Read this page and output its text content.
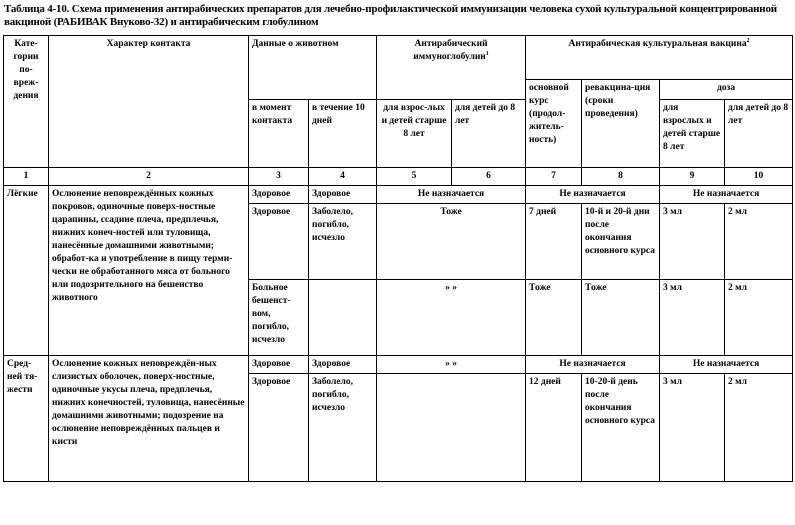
Таблица 4-10. Схема применения антирабических препаратов для лечебно-профилактической иммунизации человека сухой культуральной концентрированной вакциной (РАБИВАК Внуково-32) и антирабическим глобулином
Кате-гории по-вреж-дения	Характер контакта	Данные о животном		Антирабический иммуноглобулин$^1$		Антирабическая культуральная вакцина$^2$
						основной курс (продол-житель-ность)	ревакцина-ция (сроки проведения)	доза	
		в момент контакта	в течение 10 дней	для взрос-лых и детей старше 8 лет	для детей до 8 лет			для взрослых и детей старше 8 лет	для детей до 8 лет

1	2	3	4	5	6	7	8	9	10
Лёгкие	Ослюнение неповреждённых кожных покровов, одиночные поверх-ностные царапины, ссадине плеча, предплечья, нижних конеч-ностей или туловища, нанесённые домашними животными; обработ-ка и употребление в пищу терми-чески не обработанного мяса от больного или подозрительного на бешенство животного	Здоровое	Здоровое	Не назначается		Не назначается		Не назначается	
		Здоровое	Заболело, погибло, исчезло	Тоже		7 дней	10-й и 20-й дни после окончания основного курса	3 мл	2 мл
		Больное бешенст-вом, погибло, исчезло		» »		Тоже	Тоже	3 мл	2 мл
Сред-ней тя-жести	Ослюнение кожных неповреждён-ных слизистых оболочек, поверх-ностные, одиночные укусы плеча, предплечья, нижних конечностей, туловища, нанесённые домашними животными; подозрение на ослюнение неповреждённых пальцев и кисти	Здоровое	Здоровое	» »		Не назначается		Не назначается	
		Здоровое	Заболело, погибло, исчезло			12 дней	10-20-й день после окончания основного курса	3 мл	2 мл
